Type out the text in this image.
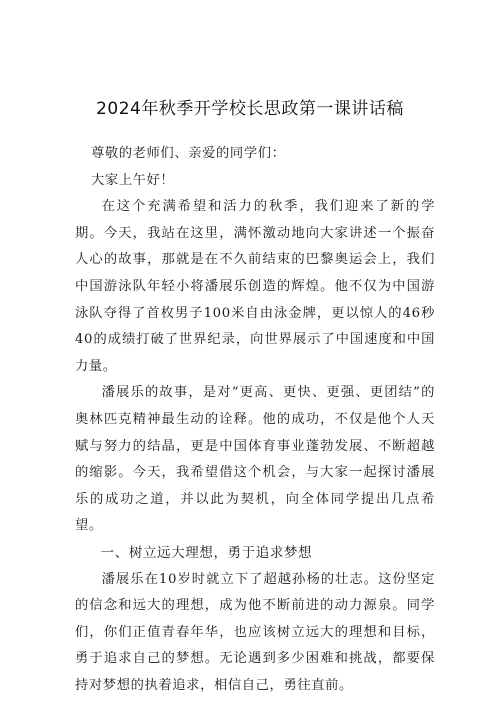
2024年秋季开学校长思政第一课讲话稿

尊敬的老师们、亲爱的同学们：

大家上午好！

在这个充满希望和活力的秋季，我们迎来了新的学期。今天，我站在这里，满怀激动地向大家讲述一个振奋人心的故事，那就是在不久前结束的巴黎奥运会上，我们中国游泳队年轻小将潘展乐创造的辉煌。他不仅为中国游泳队夺得了首枚男子100米自由泳金牌，更以惊人的46秒40的成绩打破了世界纪录，向世界展示了中国速度和中国力量。

潘展乐的故事，是对“更高、更快、更强、更团结”的奥林匹克精神最生动的诠释。他的成功，不仅是他个人天赋与努力的结晶，更是中国体育事业蓬勃发展、不断超越的缩影。今天，我希望借这个机会，与大家一起探讨潘展乐的成功之道，并以此为契机，向全体同学提出几点希望。

一、树立远大理想，勇于追求梦想

潘展乐在10岁时就立下了超越孙杨的壮志。这份坚定的信念和远大的理想，成为他不断前进的动力源泉。同学们，你们正值青春年华，也应该树立远大的理想和目标，勇于追求自己的梦想。无论遇到多少困难和挑战，都要保持对梦想的执着追求，相信自己，勇往直前。
